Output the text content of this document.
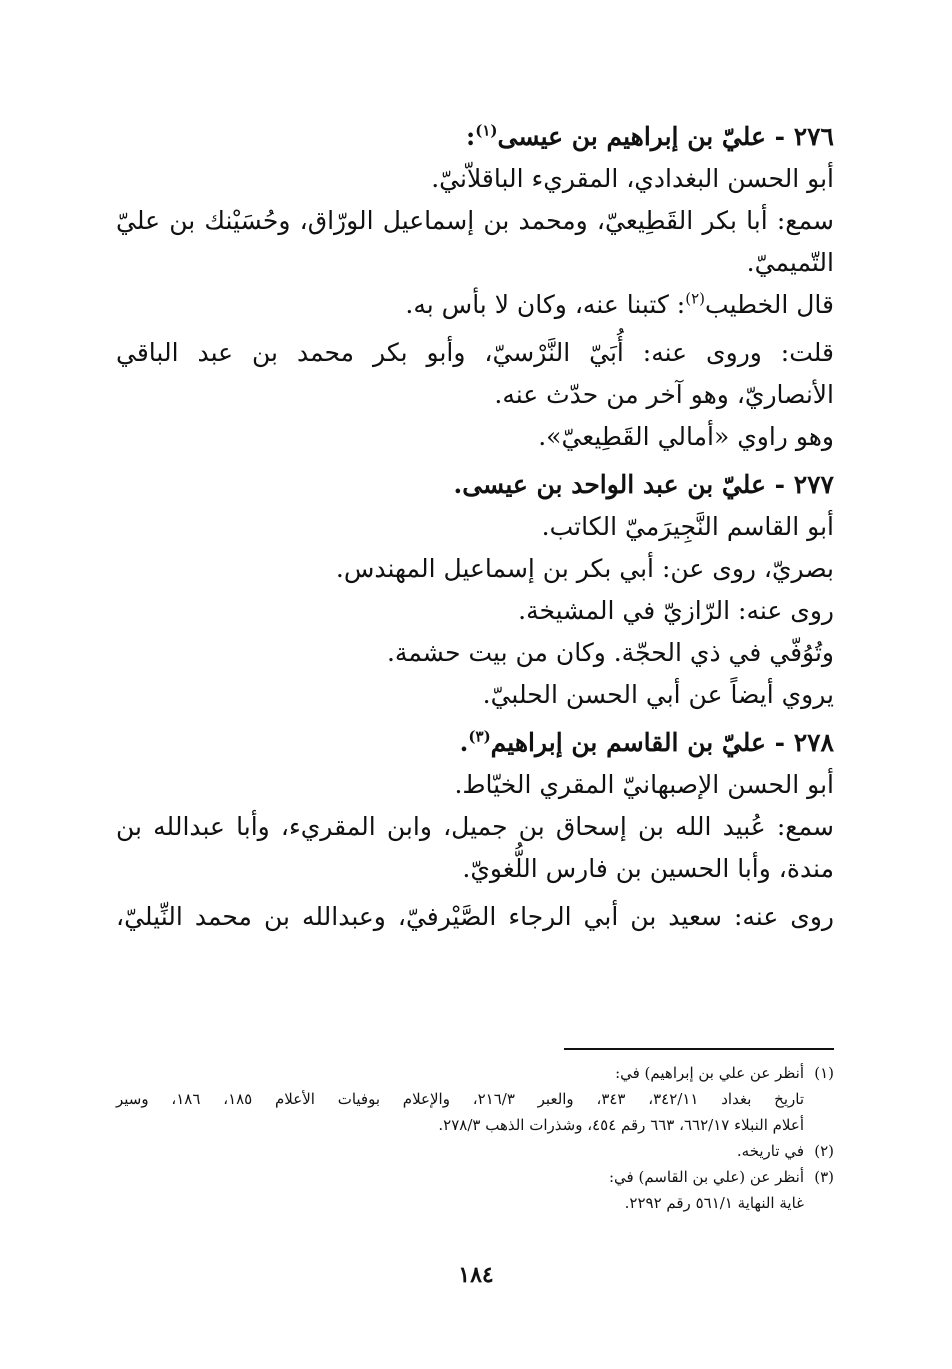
٢٧٦ - عليّ بن إبراهيم بن عيسى$^{(١)}$:

أبو الحسن البغدادي، المقريء الباقلاّنيّ.

سمع: أبا بكر القَطِيعيّ، ومحمد بن إسماعيل الورّاق، وحُسَيْنك بن عليّ

التّميميّ.

قال الخطيب$^{(٢)}$: كتبنا عنه، وكان لا بأس به.

قلت: وروى عنه: أُبَيّ النَّرْسيّ، وأبو بكر محمد بن عبد الباقي

الأنصاريّ، وهو آخر من حدّث عنه.

وهو راوي «أمالي القَطِيعيّ».

٢٧٧ - عليّ بن عبد الواحد بن عيسى.

أبو القاسم النَّجِيرَميّ الكاتب.

بصريّ، روى عن: أبي بكر بن إسماعيل المهندس.

روى عنه: الرّازيّ في المشيخة.

وتُوُفّي في ذي الحجّة. وكان من بيت حشمة.

يروي أيضاً عن أبي الحسن الحلبيّ.

٢٧٨ - عليّ بن القاسم بن إبراهيم$^{(٣)}$.

أبو الحسن الإصبهانيّ المقري الخيّاط.

سمع: عُبيد الله بن إسحاق بن جميل، وابن المقريء، وأبا عبدالله بن

مندة، وأبا الحسين بن فارس اللُّغويّ.

روى عنه: سعيد بن أبي الرجاء الصَّيْرفيّ، وعبدالله بن محمد النِّيليّ،

(١)أنظر عن علي بن إبراهيم) في:

تاريخ بغداد ٣٤٢/١١، ٣٤٣، والعبر ٢١٦/٣، والإعلام بوفيات الأعلام ١٨٥، ١٨٦، وسير

أعلام النبلاء ٦٦٢/١٧، ٦٦٣ رقم ٤٥٤، وشذرات الذهب ٢٧٨/٣.

(٢)في تاريخه.

(٣)أنظر عن (علي بن القاسم) في:

غاية النهاية ٥٦١/١ رقم ٢٢٩٢.

١٨٤
